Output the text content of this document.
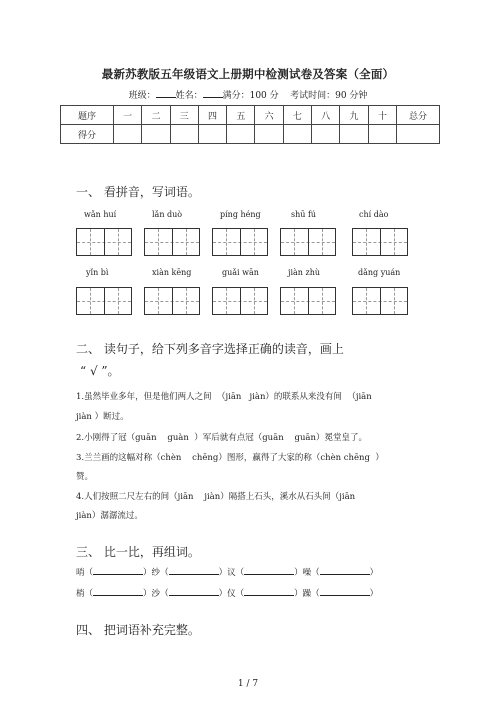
最新苏教版五年级语文上册期中检测试卷及答案（全面）
班级： 姓名： 满分：100 分 考试时间：90 分钟
题序	一	二	三	四	五	六	七	八	九	十	总分
得分											
一、 看拼音，写词语。
wǎn huí	lǎn duò	píng héng	shū fú	chí dào
yǐn bì	xiàn kēng	guǎi wān	jiàn zhù	dǎng yuán
二、 读句子，给下列多音字选择正确的读音，画上
“ √ ”。
1.虽然毕业多年，但是他们两人之间  （jiān   jiàn）的联系从来没有间  （jiān
jiàn ）断过。
2.小刚得了冠（guān    guàn  ）军后就有点冠（guān    guān）冕堂皇了。
3.兰兰画的这幅对称（chèn    chēng）图形，赢得了大家的称（chèn chēng  ）
赞。
4.人们按照二尺左右的间（jiān    jiàn）隔搭上石头，溪水从石头间（jiān
jiàn）潺潺流过。
三、 比一比，再组词。
哨（	）纱（	）议（	）噪（	）
梢（	）沙（	）仪（	）躁（	）
四、 把词语补充完整。
1 / 7
